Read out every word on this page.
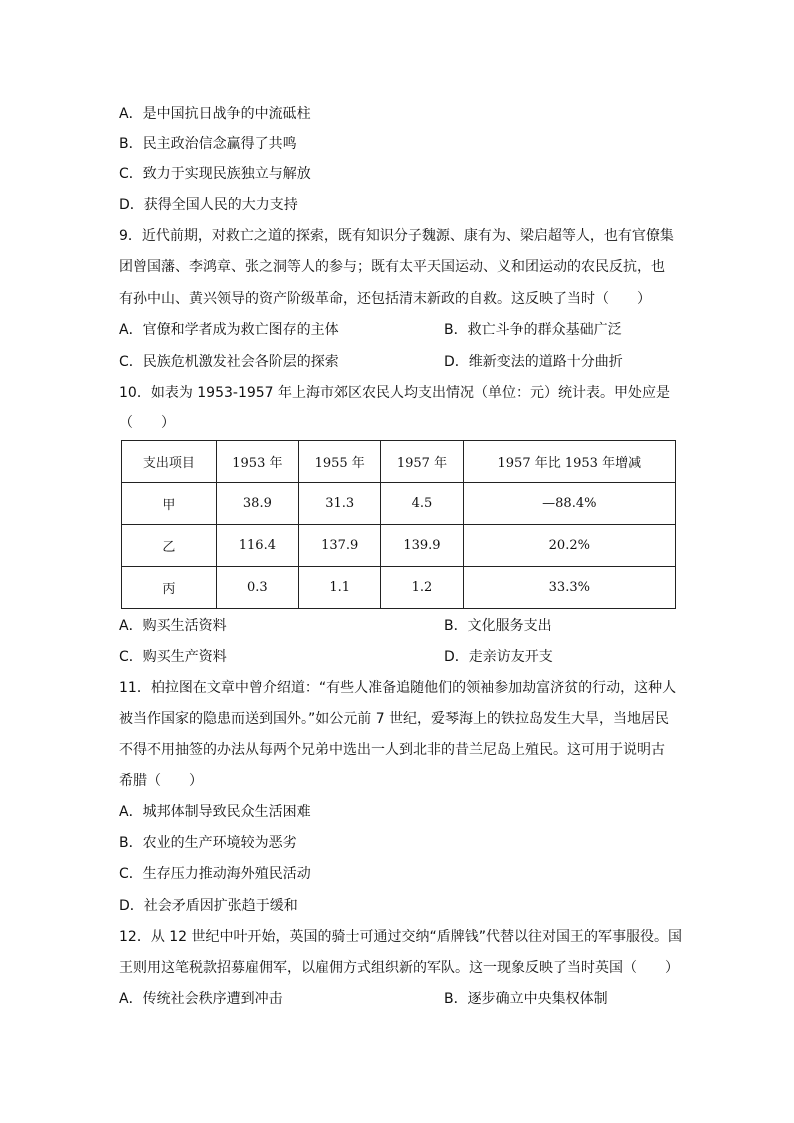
A．是中国抗日战争的中流砥柱
B．民主政治信念赢得了共鸣
C．致力于实现民族独立与解放
D．获得全国人民的大力支持
9．近代前期，对救亡之道的探索，既有知识分子魏源、康有为、梁启超等人，也有官僚集
团曾国藩、李鸿章、张之洞等人的参与；既有太平天国运动、义和团运动的农民反抗，也
有孙中山、黄兴领导的资产阶级革命，还包括清末新政的自救。这反映了当时（　　）
A．官僚和学者成为救亡图存的主体	B．救亡斗争的群众基础广泛
C．民族危机激发社会各阶层的探索	D．维新变法的道路十分曲折
10．如表为 1953-1957 年上海市郊区农民人均支出情况（单位：元）统计表。甲处应是
（　　）
支出项目	1953 年	1955 年	1957 年	1957 年比 1953 年增减
甲	38.9	31.3	4.5	—88.4%
乙	116.4	137.9	139.9	20.2%
丙	0.3	1.1	1.2	33.3%
A．购买生活资料	B．文化服务支出
C．购买生产资料	D．走亲访友开支
11．柏拉图在文章中曾介绍道：“有些人准备追随他们的领袖参加劫富济贫的行动，这种人
被当作国家的隐患而送到国外。”如公元前 7 世纪，爱琴海上的铁拉岛发生大旱，当地居民
不得不用抽签的办法从每两个兄弟中选出一人到北非的昔兰尼岛上殖民。这可用于说明古
希腊（　　）
A．城邦体制导致民众生活困难
B．农业的生产环境较为恶劣
C．生存压力推动海外殖民活动
D．社会矛盾因扩张趋于缓和
12．从 12 世纪中叶开始，英国的骑士可通过交纳“盾牌钱”代替以往对国王的军事服役。国
王则用这笔税款招募雇佣军，以雇佣方式组织新的军队。这一现象反映了当时英国（　　）
A．传统社会秩序遭到冲击	B．逐步确立中央集权体制
